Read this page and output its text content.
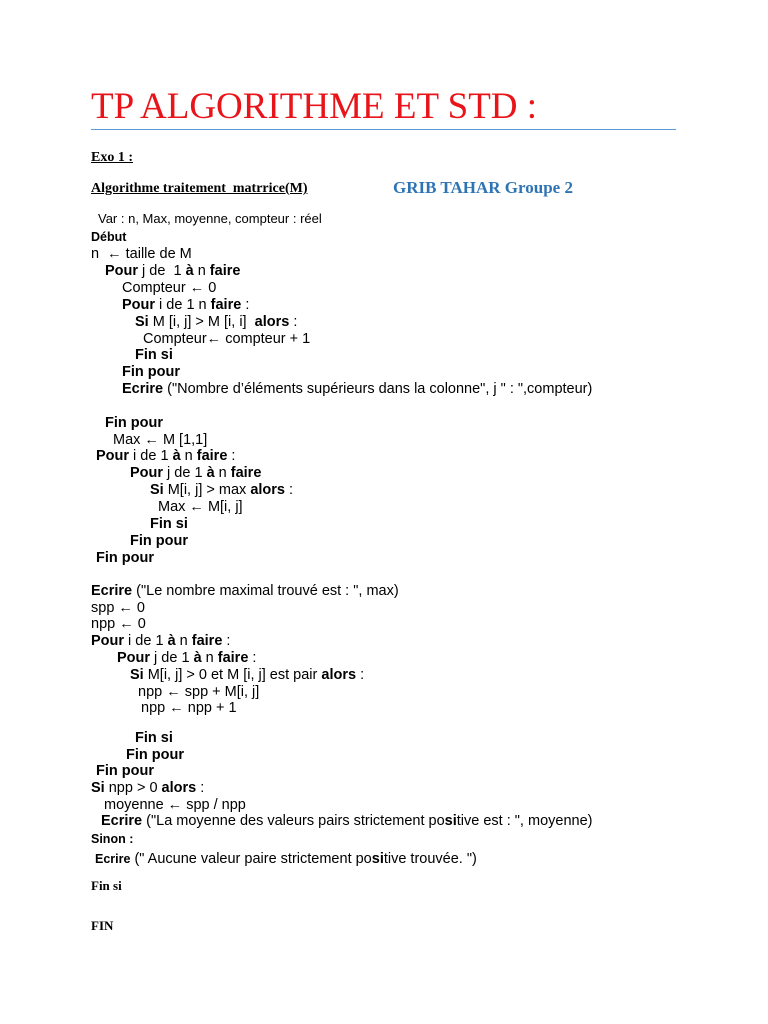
TP ALGORITHME ET STD :
Exo 1 :
Algorithme traitement  matrrice(M)	GRIB TAHAR Groupe 2
Var : n, Max, moyenne, compteur : réel
Début
n  ← taille de M
Pour j de  1 à n faire
Compteur ← 0
Pour i de 1 n faire :
Si M [i, j] > M [i, i]  alors :
Compteur← compteur + 1
Fin si
Fin pour
Ecrire ("Nombre d’éléments supérieurs dans la colonne", j " : ",compteur)
Fin pour
Max ← M [1,1]
Pour i de 1 à n faire :
Pour j de 1 à n faire
Si M[i, j] > max alors :
Max ← M[i, j]
Fin si
Fin pour
Fin pour
Ecrire ("Le nombre maximal trouvé est : ", max)
spp ← 0
npp ← 0
Pour i de 1 à n faire :
Pour j de 1 à n faire :
Si M[i, j] > 0 et M [i, j] est pair alors :
npp ← spp + M[i, j]
npp ← npp + 1
Fin si
Fin pour
Fin pour
Si npp > 0 alors :
moyenne ← spp / npp
Ecrire ("La moyenne des valeurs pairs strictement positive est : ", moyenne)
Sinon :
Ecrire (" Aucune valeur paire strictement positive trouvée. ")
Fin si
FIN
